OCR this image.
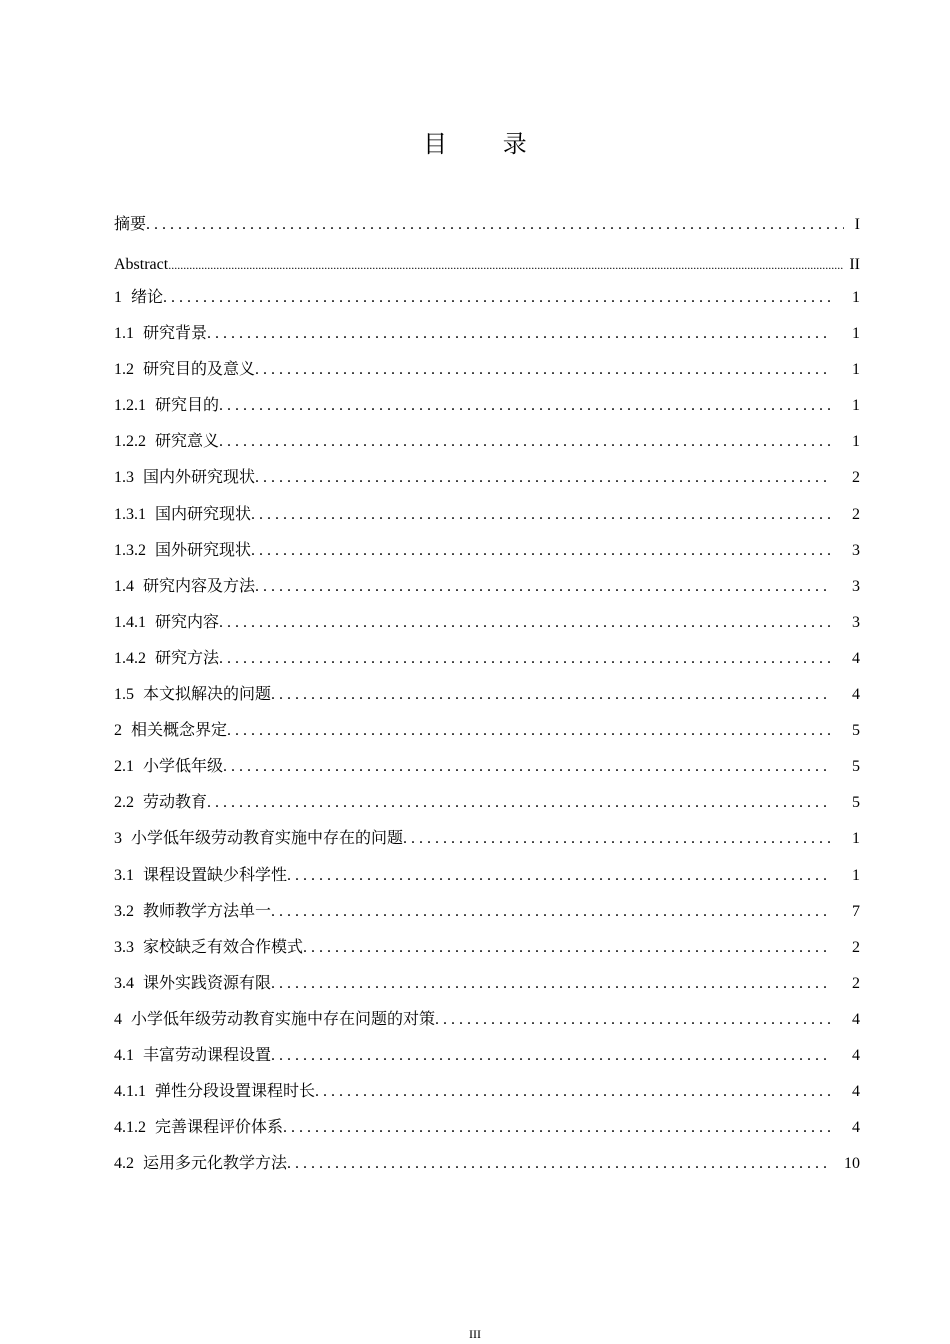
目 录
摘要 . . .	I
Abstract .....	II
1 绪论 . . .	1
1.1 研究背景 . . .	1
1.2 研究目的及意义 . . .	1
1.2.1 研究目的 . . .	1
1.2.2 研究意义 . . .	1
1.3 国内外研究现状 . . .	2
1.3.1 国内研究现状 . . .	2
1.3.2 国外研究现状 . . .	3
1.4 研究内容及方法 . . .	3
1.4.1 研究内容 . . .	3
1.4.2 研究方法 . . .	4
1.5 本文拟解决的问题 . . .	4
2 相关概念界定 . . .	5
2.1 小学低年级 . . .	5
2.2 劳动教育 . . .	5
3 小学低年级劳动教育实施中存在的问题 . . .	1
3.1 课程设置缺少科学性 . . .	1
3.2 教师教学方法单一 . . .	7
3.3 家校缺乏有效合作模式 . . .	2
3.4 课外实践资源有限 . . .	2
4 小学低年级劳动教育实施中存在问题的对策 . . .	4
4.1 丰富劳动课程设置 . . .	4
4.1.1 弹性分段设置课程时长 . . .	4
4.1.2 完善课程评价体系 . . .	4
4.2 运用多元化教学方法 . . .	10
III
